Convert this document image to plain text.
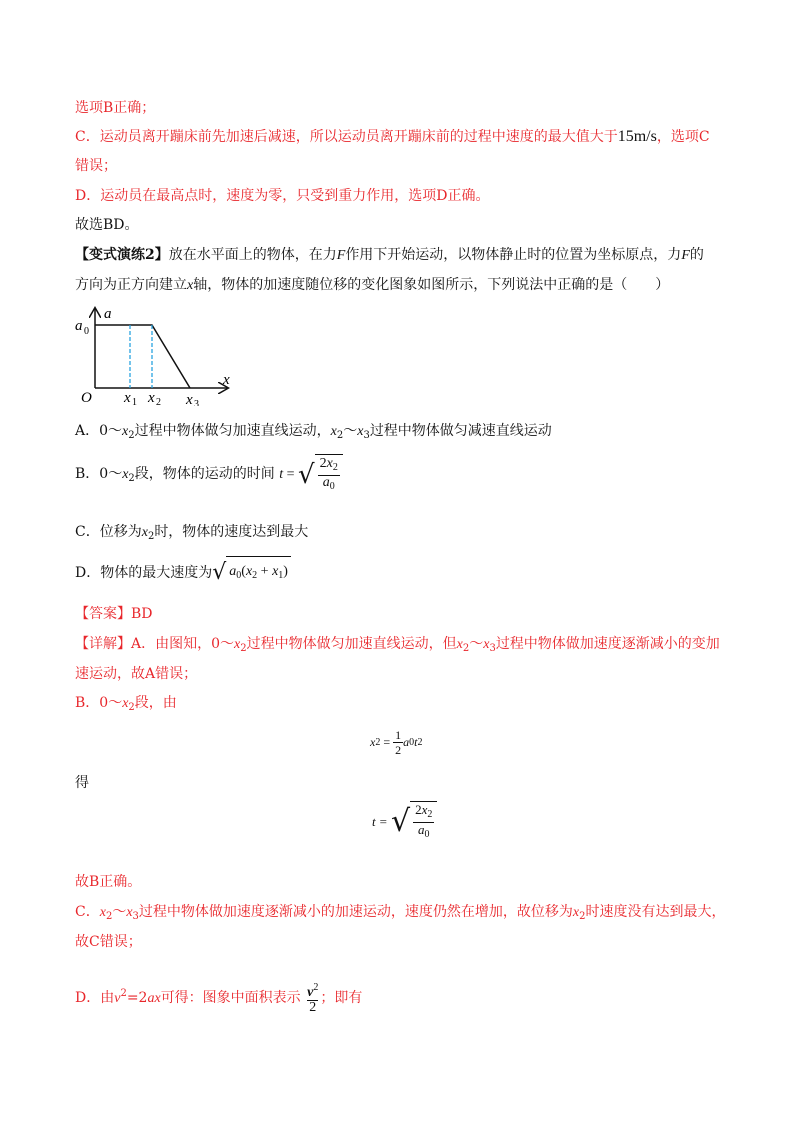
选项B正确；
C．运动员离开蹦床前先加速后减速，所以运动员离开蹦床前的过程中速度的最大值大于15m/s，选项C
错误；
D．运动员在最高点时，速度为零，只受到重力作用，选项D正确。
故选BD。
【变式演练2】放在水平面上的物体，在力F作用下开始运动，以物体静止时的位置为坐标原点，力F的
方向为正方向建立x轴，物体的加速度随位移的变化图象如图所示，下列说法中正确的是（　　）
a
a 0
x
O x 1 x 2 x 3
A．$0\sim x_2$过程中物体做匀加速直线运动，$x_2\sim x_3$过程中物体做匀减速直线运动
B．$0\sim x_2$段，物体的运动的时间 t = √ $\frac{2x_2}{a_0}$
C．位移为$x_2$时，物体的速度达到最大
D．物体的最大速度为 √ $a_0(x_2 + x_1)$
【答案】BD
【详解】A．由图知，$0\sim x_2$过程中物体做匀加速直线运动，但$x_2\sim x_3$过程中物体做加速度逐渐减小的变加
速运动，故A错误；
B．$0\sim x_2$段，由
x $2 = \frac{1}{2}$ a 0 t 2
得
t = √ $\frac{2x_2}{a_0}$
故B正确。
C．$x_2\sim x_3$过程中物体做加速度逐渐减小的加速运动，速度仍然在增加，故位移为$x_2$时速度没有达到最大，
故C错误；
D．由$v^2=2ax$可得：图象中面积表示 $\frac{v^2}{2}$ ；即有
